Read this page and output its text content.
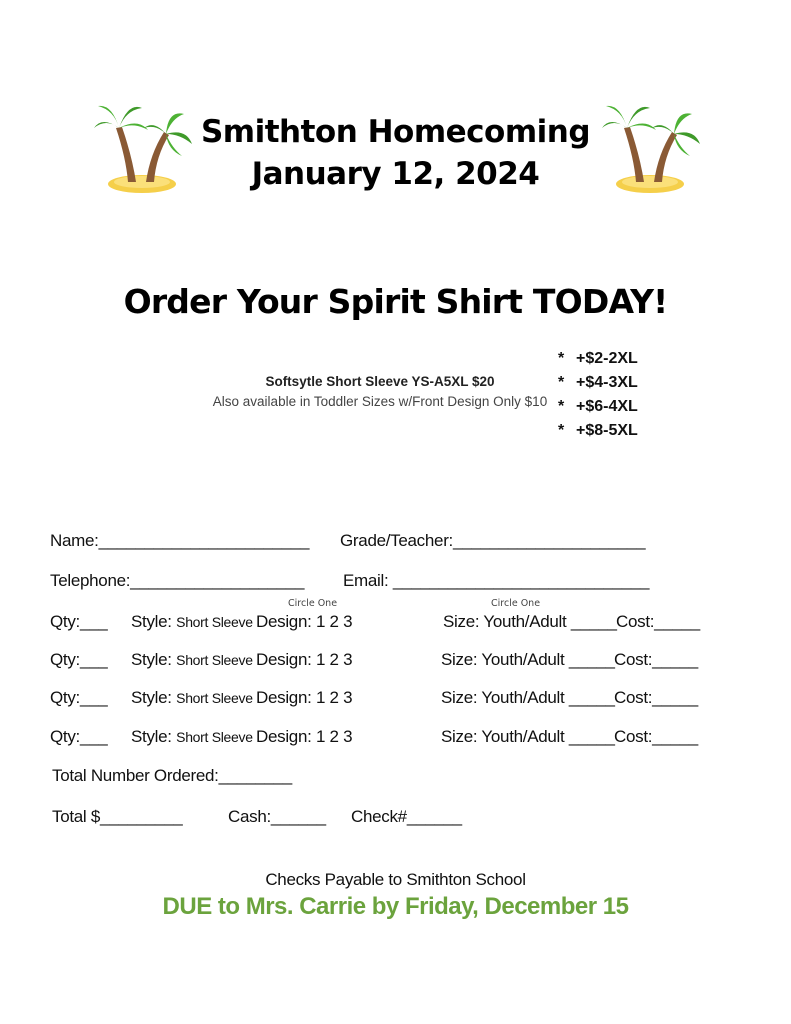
Smithton Homecoming
January 12, 2024
Order Your Spirit Shirt TODAY!
Softsytle Short Sleeve YS-A5XL $20
Also available in Toddler Sizes w/Front Design Only $10
* +$2-2XL
* +$4-3XL
* +$6-4XL
* +$8-5XL
Name:_______________________ Grade/Teacher:_____________________
Telephone:___________________ Email: ____________________________
Circle One	Circle One
Qty:___ Style: Short Sleeve Design: 1 2 3	Size: Youth/Adult _____ Cost:_____
Qty:___ Style: Short Sleeve Design: 1 2 3	Size: Youth/Adult _____ Cost:_____
Qty:___ Style: Short Sleeve Design: 1 2 3	Size: Youth/Adult _____ Cost:_____
Qty:___ Style: Short Sleeve Design: 1 2 3	Size: Youth/Adult _____ Cost:_____
Total Number Ordered:________
Total $_________	Cash:______ Check#______
Checks Payable to Smithton School
DUE to Mrs. Carrie by Friday, December 15
